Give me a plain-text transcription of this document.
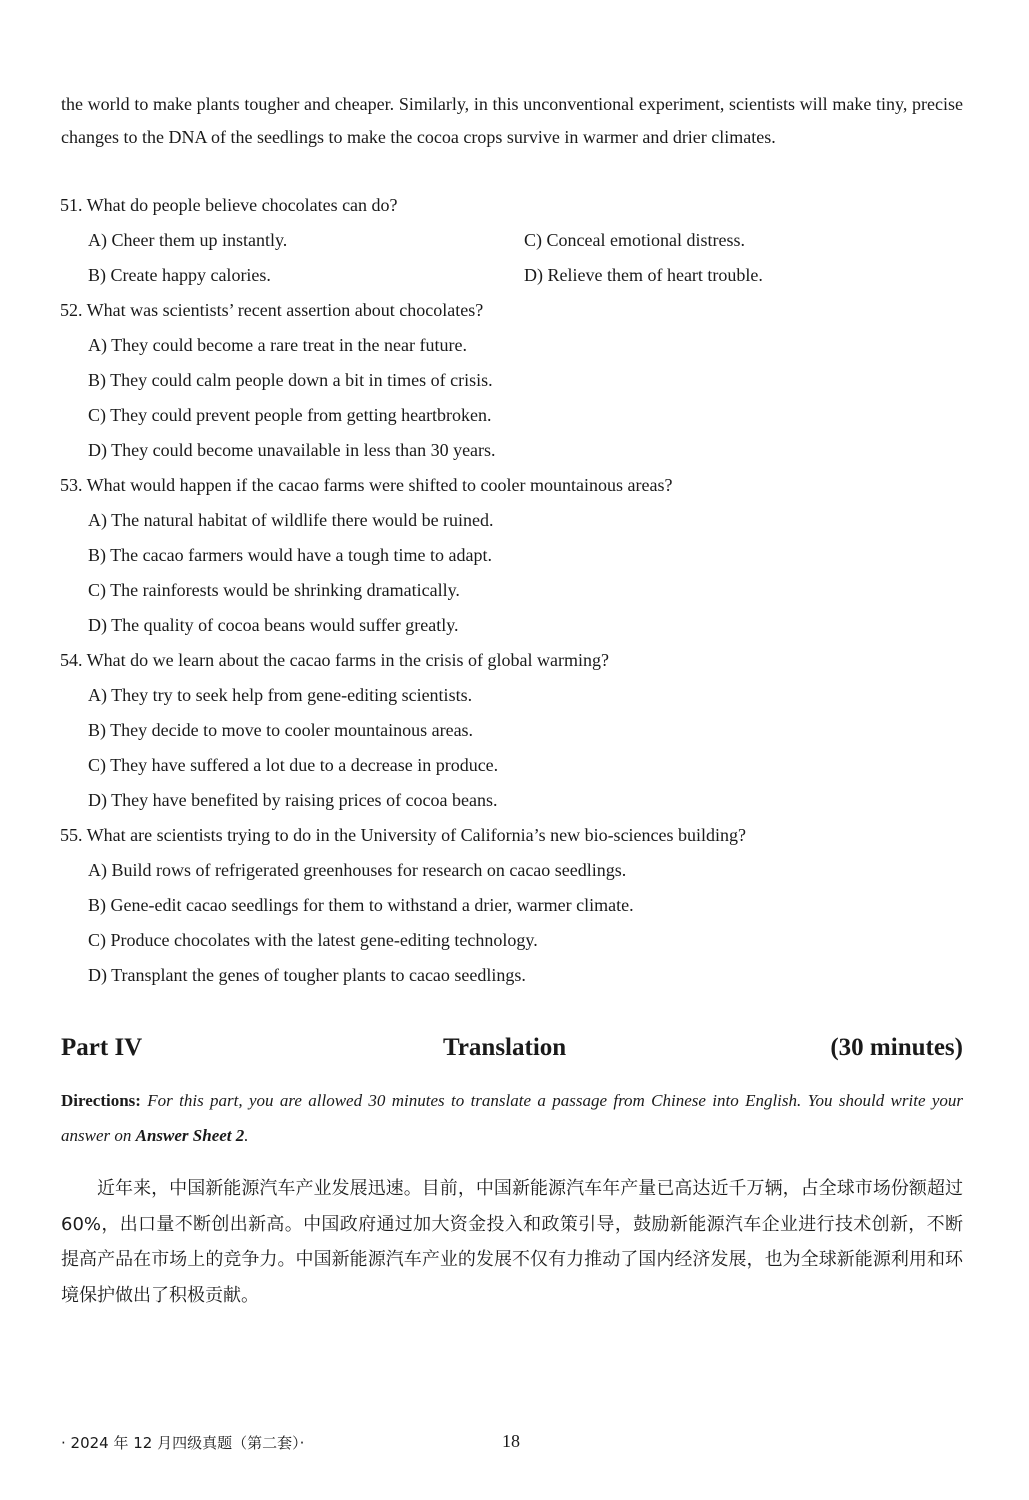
the world to make plants tougher and cheaper. Similarly, in this unconventional experiment, scientists will make tiny, precise changes to the DNA of the seedlings to make the cocoa crops survive in warmer and drier climates.

51. What do people believe chocolates can do?

A) Cheer them up instantly.	C) Conceal emotional distress.

B) Create happy calories.	D) Relieve them of heart trouble.

52. What was scientists’ recent assertion about chocolates?

A) They could become a rare treat in the near future.

B) They could calm people down a bit in times of crisis.

C) They could prevent people from getting heartbroken.

D) They could become unavailable in less than 30 years.

53. What would happen if the cacao farms were shifted to cooler mountainous areas?

A) The natural habitat of wildlife there would be ruined.

B) The cacao farmers would have a tough time to adapt.

C) The rainforests would be shrinking dramatically.

D) The quality of cocoa beans would suffer greatly.

54. What do we learn about the cacao farms in the crisis of global warming?

A) They try to seek help from gene-editing scientists.

B) They decide to move to cooler mountainous areas.

C) They have suffered a lot due to a decrease in produce.

D) They have benefited by raising prices of cocoa beans.

55. What are scientists trying to do in the University of California’s new bio-sciences building?

A) Build rows of refrigerated greenhouses for research on cacao seedlings.

B) Gene-edit cacao seedlings for them to withstand a drier, warmer climate.

C) Produce chocolates with the latest gene-editing technology.

D) Transplant the genes of tougher plants to cacao seedlings.

Part IV	Translation	(30 minutes)

Directions: For this part, you are allowed 30 minutes to translate a passage from Chinese into English. You should write your answer on Answer Sheet 2.

近年来，中国新能源汽车产业发展迅速。目前，中国新能源汽车年产量已高达近千万辆，占全球市场份额超过 60%，出口量不断创出新高。中国政府通过加大资金投入和政策引导，鼓励新能源汽车企业进行技术创新，不断提高产品在市场上的竞争力。中国新能源汽车产业的发展不仅有力推动了国内经济发展，也为全球新能源利用和环境保护做出了积极贡献。

· 2024 年 12 月四级真题（第二套）·	18
